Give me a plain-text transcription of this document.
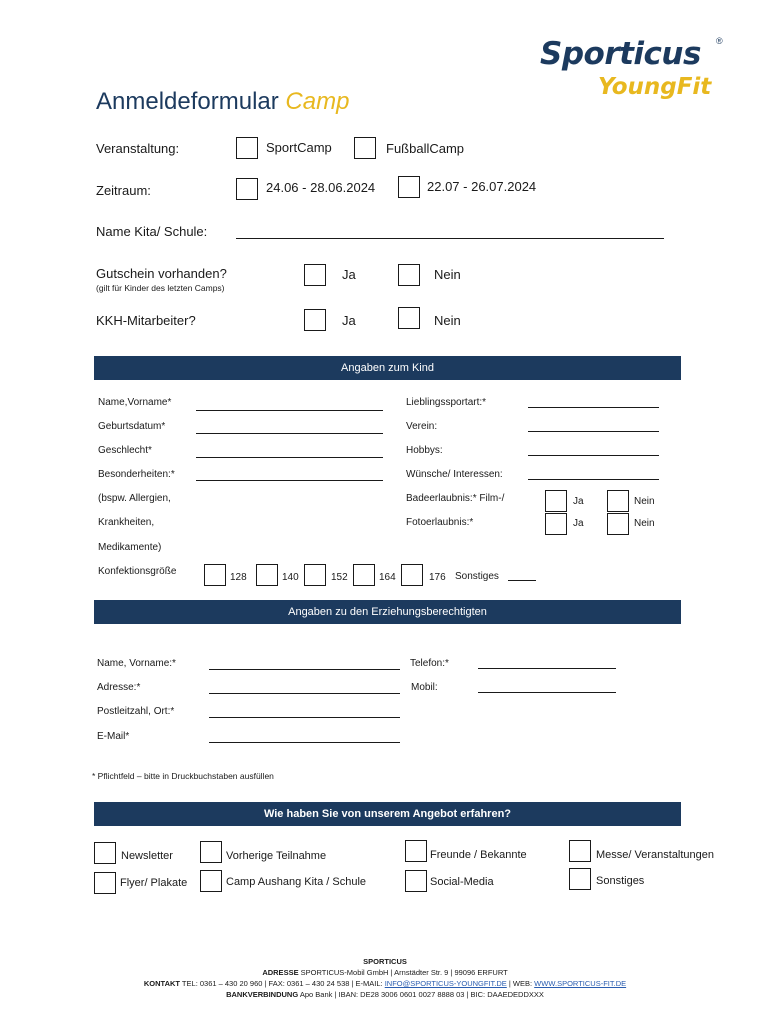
Sporticus ®
YoungFit
Anmeldeformular Camp
Veranstaltung:	SportCamp	FußballCamp
Zeitraum:	24.06 - 28.06.2024	22.07 - 26.07.2024
Name Kita/ Schule:
Gutschein vorhanden?
(gilt für Kinder des letzten Camps)
Ja	Nein
KKH-Mitarbeiter?	Ja	Nein
Angaben zum Kind
Name,Vorname*
Geburtsdatum*
Geschlecht*
Besonderheiten:*
(bspw. Allergien,
Krankheiten,
Medikamente)
Lieblingssportart:*
Verein:
Hobbys:
Wünsche/ Interessen:
Badeerlaubnis:* Film-/	Ja	Nein
Fotoerlaubnis:*	Ja	Nein
Konfektionsgröße
128	140	152	164	176 Sonstiges
Angaben zu den Erziehungsberechtigten
Name, Vorname:*
Adresse:*
Postleitzahl, Ort:*
E-Mail*
Telefon:*
Mobil:
* Pflichtfeld – bitte in Druckbuchstaben ausfüllen
Wie haben Sie von unserem Angebot erfahren?
Newsletter	Vorherige Teilnahme	Freunde / Bekannte	Messe/ Veranstaltungen
Flyer/ Plakate	Camp Aushang Kita / Schule	Social-Media	Sonstiges
SPORTICUS
ADRESSE SPORTICUS-Mobil GmbH | Arnstädter Str. 9 | 99096 ERFURT
KONTAKT TEL: 0361 – 430 20 960 | FAX: 0361 – 430 24 538 | E-MAIL: INFO@SPORTICUS-YOUNGFIT.DE | WEB: WWW.SPORTICUS-FIT.DE
BANKVERBINDUNG Apo Bank | IBAN: DE28 3006 0601 0027 8888 03 | BIC: DAAEDEDDXXX
